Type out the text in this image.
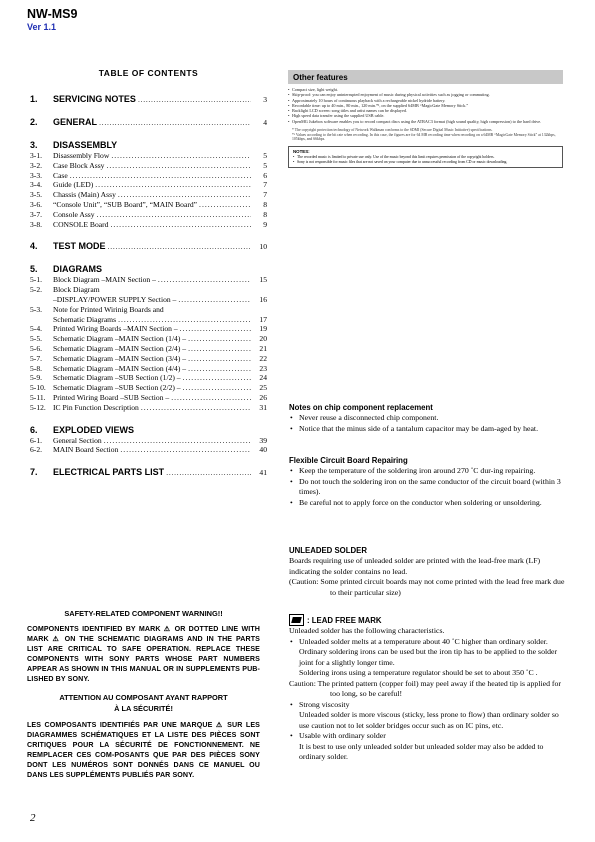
NW-MS9
Ver 1.1
TABLE OF CONTENTS
1.	SERVICING NOTES .....	3
2.	GENERAL .....	4
3.	DISASSEMBLY
3-1.	Disassembly Flow .....	5
3-2.	Case Block Assy .....	5
3-3.	Case .....	6
3-4.	Guide (LED) .....	7
3-5.	Chassis (Main) Assy .....	7
3-6.	“Console Unit”, “SUB Board”, “MAIN Board” .....	8
3-7.	Console Assy .....	8
3-8.	CONSOLE Board .....	9
4.	TEST MODE .....	10
5.	DIAGRAMS
5-1.	Block Diagram –MAIN Section – .....	15
5-2.	Block Diagram
–DISPLAY/POWER SUPPLY Section – .....	16
5-3.	Note for Printed Wirinig Boards and
Schematic Diagrams .....	17
5-4.	Printed Wiring Boards –MAIN Section – .....	19
5-5.	Schematic Diagram –MAIN Section (1/4) – .....	20
5-6.	Schematic Diagram –MAIN Section (2/4) – .....	21
5-7.	Schematic Diagram –MAIN Section (3/4) – .....	22
5-8.	Schematic Diagram –MAIN Section (4/4) – .....	23
5-9.	Schematic Diagram –SUB Section (1/2) – .....	24
5-10. Schematic Diagram –SUB Section (2/2) – .....	25
5-11. Printed Wiring Board –SUB Section – .....	26
5-12. IC Pin Function Description .....	31
6.	EXPLODED VIEWS
6-1.	General Section .....	39
6-2.	MAIN Board Section .....	40
7.	ELECTRICAL PARTS LIST .....	41
Other features
• Compact size, light weight.
• Skip-proof: you can enjoy uninterrupted enjoyment of music during physical activities such as jogging or commuting.
• Approximately 10 hours of continuous playback with a rechargeable nickel hydride battery.
• Recordable time: up to 40 min., 80 min., 120 min.*¹, on the supplied 64MB “MagicGate Memory Stick.”
• Backlight LCD screen: song titles and artist names can be displayed.
• High speed data transfer using the supplied USB cable.
• OpenMG Jukebox software enables you to record compact discs using the ATRAC3 format (high sound quality, high compression) to the hard drive.

* The copyright protection technology of Network Walkman conforms to the SDMI (Secure Digital Music Initiative) specifications.

*¹ Values according to the bit rate when recording. In this case, the figures are for 64 MB recording time when recording on a 64MB “MagicGate Memory Stick” at 132kbps, 105kbps, and 66kbps.

NOTES:
• The recorded music is limited to private use only. Use of the music beyond this limit requires permission of the copyright holders.
• Sony is not responsible for music files that are not saved on your computer due to unsuccessful recording from CD or music downloading.
Notes on chip component replacement
• Never reuse a disconnected chip component.
• Notice that the minus side of a tantalum capacitor may be dam-aged by heat.
Flexible Circuit Board Repairing
• Keep the temperature of the soldering iron around 270 ˚C dur-ing repairing.
• Do not touch the soldering iron on the same conductor of the circuit board (within 3 times).
• Be careful not to apply force on the conductor when soldering or unsoldering.
UNLEADED SOLDER
Boards requiring use of unleaded solder are printed with the lead-free mark (LF) indicating the solder contains no lead.
(Caution: Some printed circuit boards may not come printed with the lead free mark due to their particular size)
: LEAD FREE MARK
Unleaded solder has the following characteristics.
• Unleaded solder melts at a temperature about 40 ˚C higher than ordinary solder.
Ordinary soldering irons can be used but the iron tip has to be applied to the solder joint for a slightly longer time.
Soldering irons using a temperature regulator should be set to about 350 ˚C .
Caution: The printed pattern (copper foil) may peel away if the heated tip is applied for too long, so be careful!
• Strong viscosity
Unleaded solder is more viscous (sticky, less prone to flow) than ordinary solder so use caution not to let solder bridges occur such as on IC pins, etc.
• Usable with ordinary solder
It is best to use only unleaded solder but unleaded solder may also be added to ordinary solder.
SAFETY-RELATED COMPONENT WARNING!!
COMPONENTS IDENTIFIED BY MARK ⚠ OR DOTTED LINE WITH MARK ⚠ ON THE SCHEMATIC DIAGRAMS AND IN THE PARTS LIST ARE CRITICAL TO SAFE OPERATION. REPLACE THESE COMPONENTS WITH SONY PARTS WHOSE PART NUMBERS APPEAR AS SHOWN IN THIS MANUAL OR IN SUPPLEMENTS PUB-LISHED BY SONY.
ATTENTION AU COMPOSANT AYANT RAPPORT
À LA SÉCURITÉ!
LES COMPOSANTS IDENTIFIÉS PAR UNE MARQUE ⚠ SUR LES DIAGRAMMES SCHÉMATIQUES ET LA LISTE DES PIÈCES SONT CRITIQUES POUR LA SÉCURITÉ DE FONCTIONNEMENT. NE REMPLACER CES COM-POSANTS QUE PAR DES PIÈCES SONY DONT LES NUMÉROS SONT DONNÉS DANS CE MANUEL OU DANS LES SUPPLÉMENTS PUBLIÉS PAR SONY.
2
